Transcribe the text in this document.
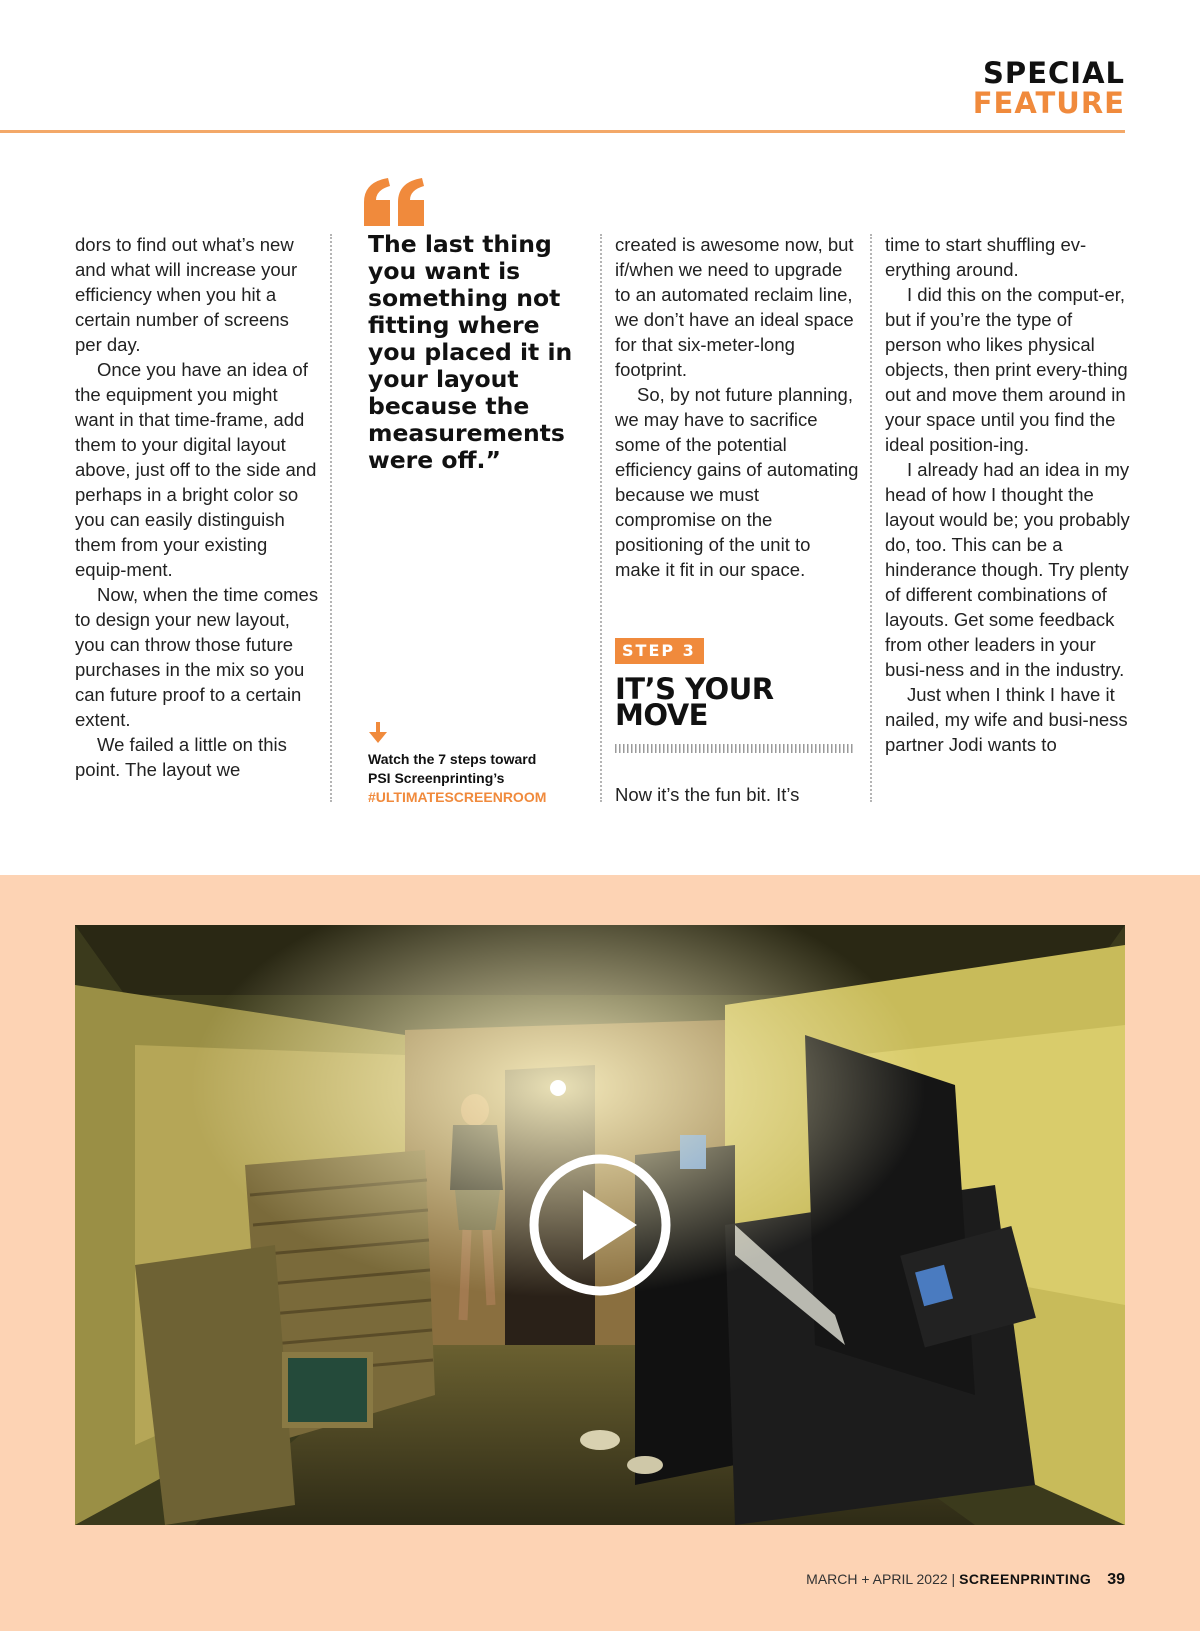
SPECIAL
FEATURE

dors to find out what’s new and what will increase your efficiency when you hit a certain number of screens per day.

Once you have an idea of the equipment you might want in that time-frame, add them to your digital layout above, just off to the side and perhaps in a bright color so you can easily distinguish them from your existing equip-ment.

Now, when the time comes to design your new layout, you can throw those future purchases in the mix so you can future proof to a certain extent.

We failed a little on this point. The layout we

The last thing you want is something not fitting where you placed it in your layout because the measurements were off.”
Watch the 7 steps toward
PSI Screenprinting’s
#ULTIMATESCREENROOM

created is awesome now, but if/when we need to upgrade to an automated reclaim line, we don’t have an ideal space for that six-meter-long footprint.

So, by not future planning, we may have to sacrifice some of the potential efficiency gains of automating because we must compromise on the positioning of the unit to make it fit in our space.

STEP 3
IT’S YOUR
MOVE
Now it’s the fun bit. It’s

time to start shuffling ev-erything around.

I did this on the comput-er, but if you’re the type of person who likes physical objects, then print every-thing out and move them around in your space until you find the ideal position-ing.

I already had an idea in my head of how I thought the layout would be; you probably do, too. This can be a hinderance though. Try plenty of different combinations of layouts. Get some feedback from other leaders in your busi-ness and in the industry.

Just when I think I have it nailed, my wife and busi-ness partner Jodi wants to

MARCH + APRIL 2022 | SCREENPRINTING 39
